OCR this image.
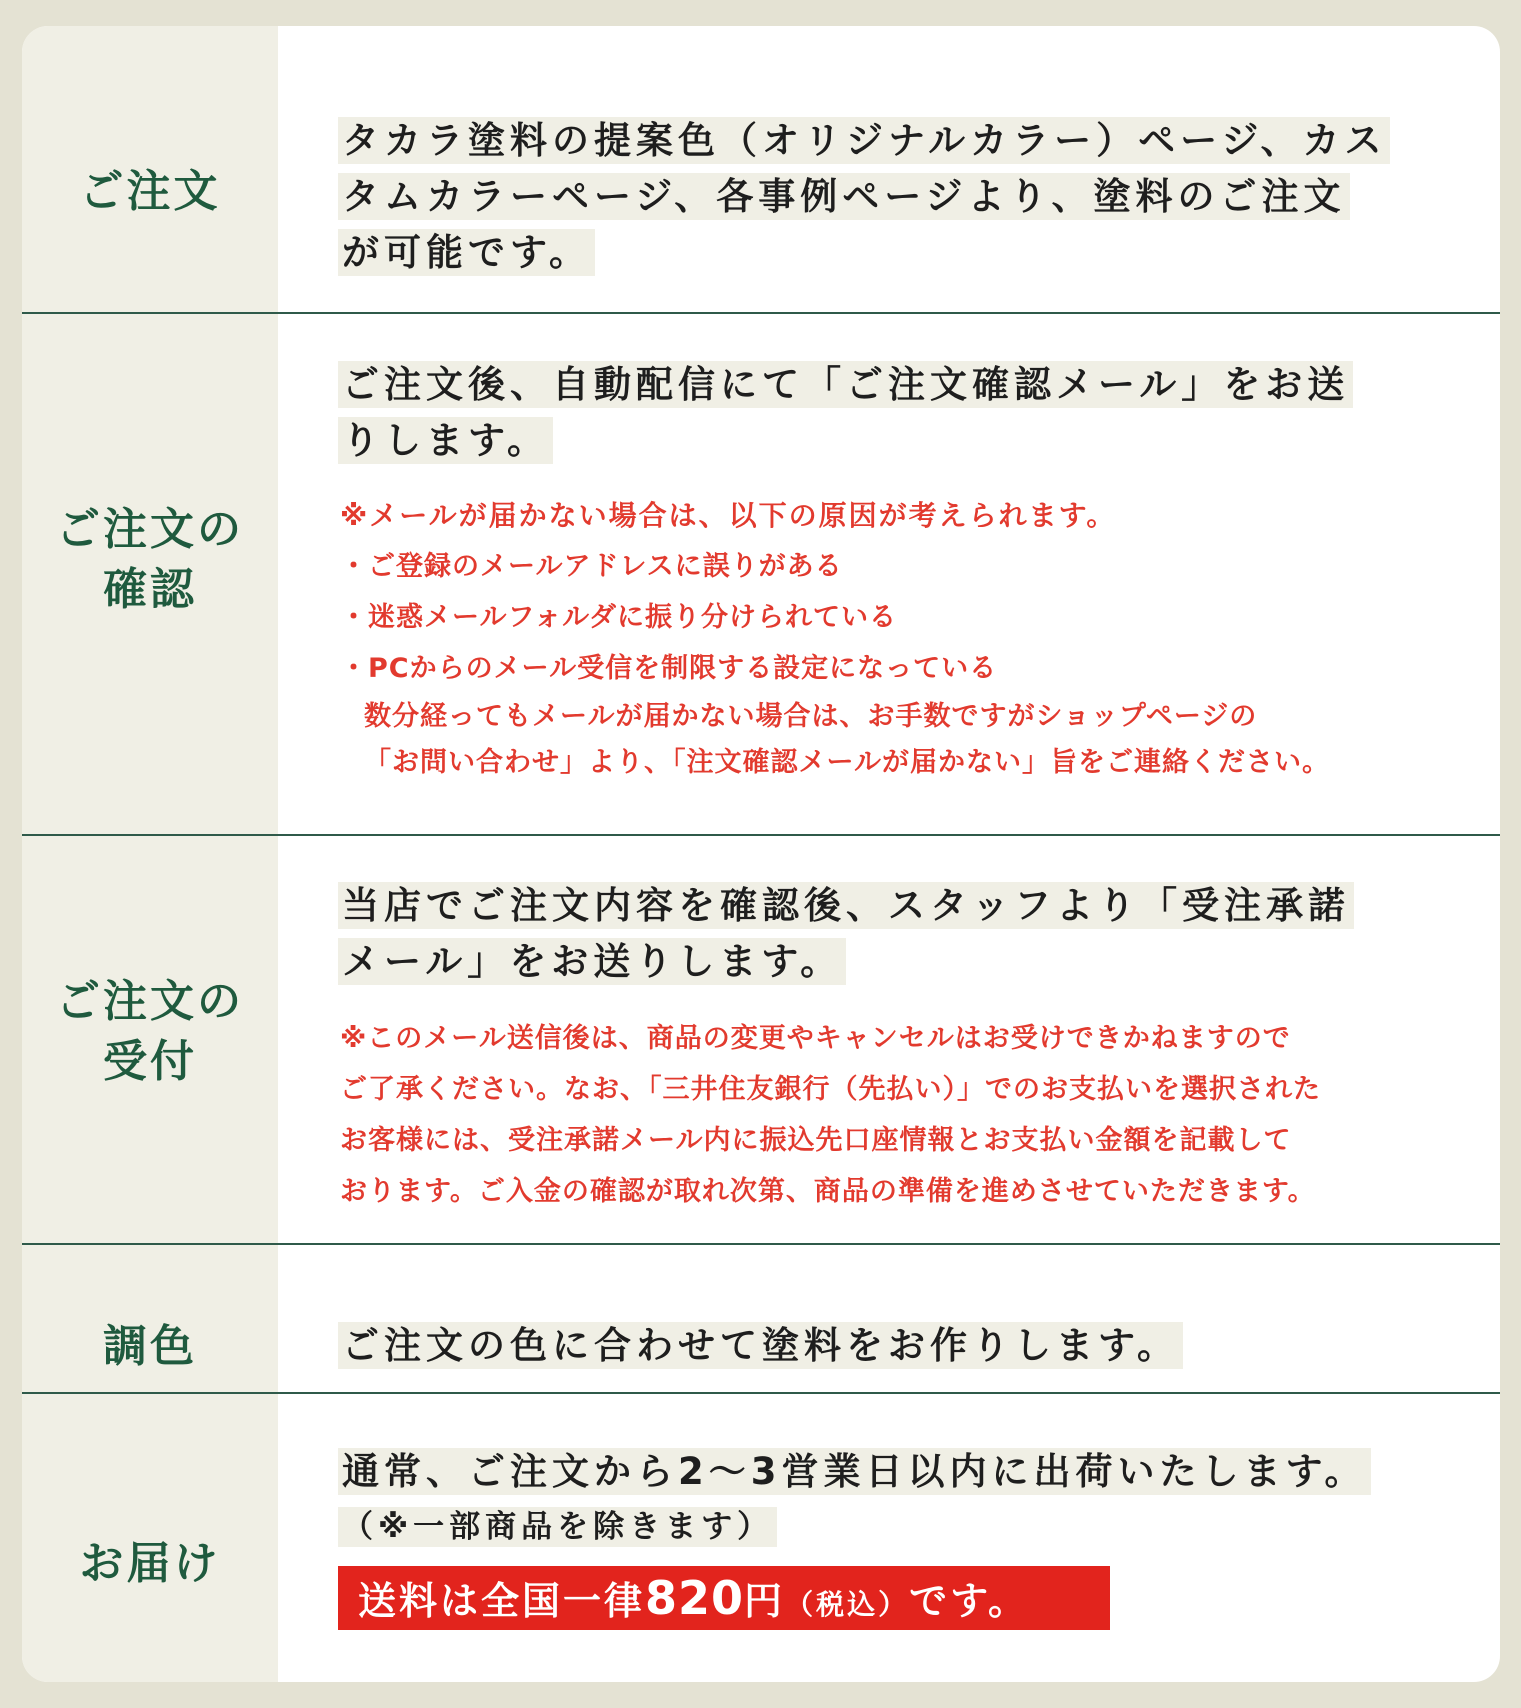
ご注文
タカラ塗料の提案色（オリジナルカラー）ページ、カス
タムカラーページ、各事例ページより、塗料のご注文
が可能です。
ご注文の
確認
ご注文後、自動配信にて「ご注文確認メール」をお送
りします。
※メールが届かない場合は、以下の原因が考えられます。
・ご登録のメールアドレスに誤りがある
・迷惑メールフォルダに振り分けられている
・PCからのメール受信を制限する設定になっている
数分経ってもメールが届かない場合は、お手数ですがショップページの
「お問い合わせ」より、「注文確認メールが届かない」旨をご連絡ください。
ご注文の
受付
当店でご注文内容を確認後、スタッフより「受注承諾
メール」をお送りします。
※このメール送信後は、商品の変更やキャンセルはお受けできかねますので
ご了承ください。なお、「三井住友銀行（先払い）」でのお支払いを選択された
お客様には、受注承諾メール内に振込先口座情報とお支払い金額を記載して
おります。ご入金の確認が取れ次第、商品の準備を進めさせていただきます。
調色	ご注文の色に合わせて塗料をお作りします。
お届け
通常、ご注文から2～3営業日以内に出荷いたします。
（※一部商品を除きます）
送料は全国一律820円（税込）です。
